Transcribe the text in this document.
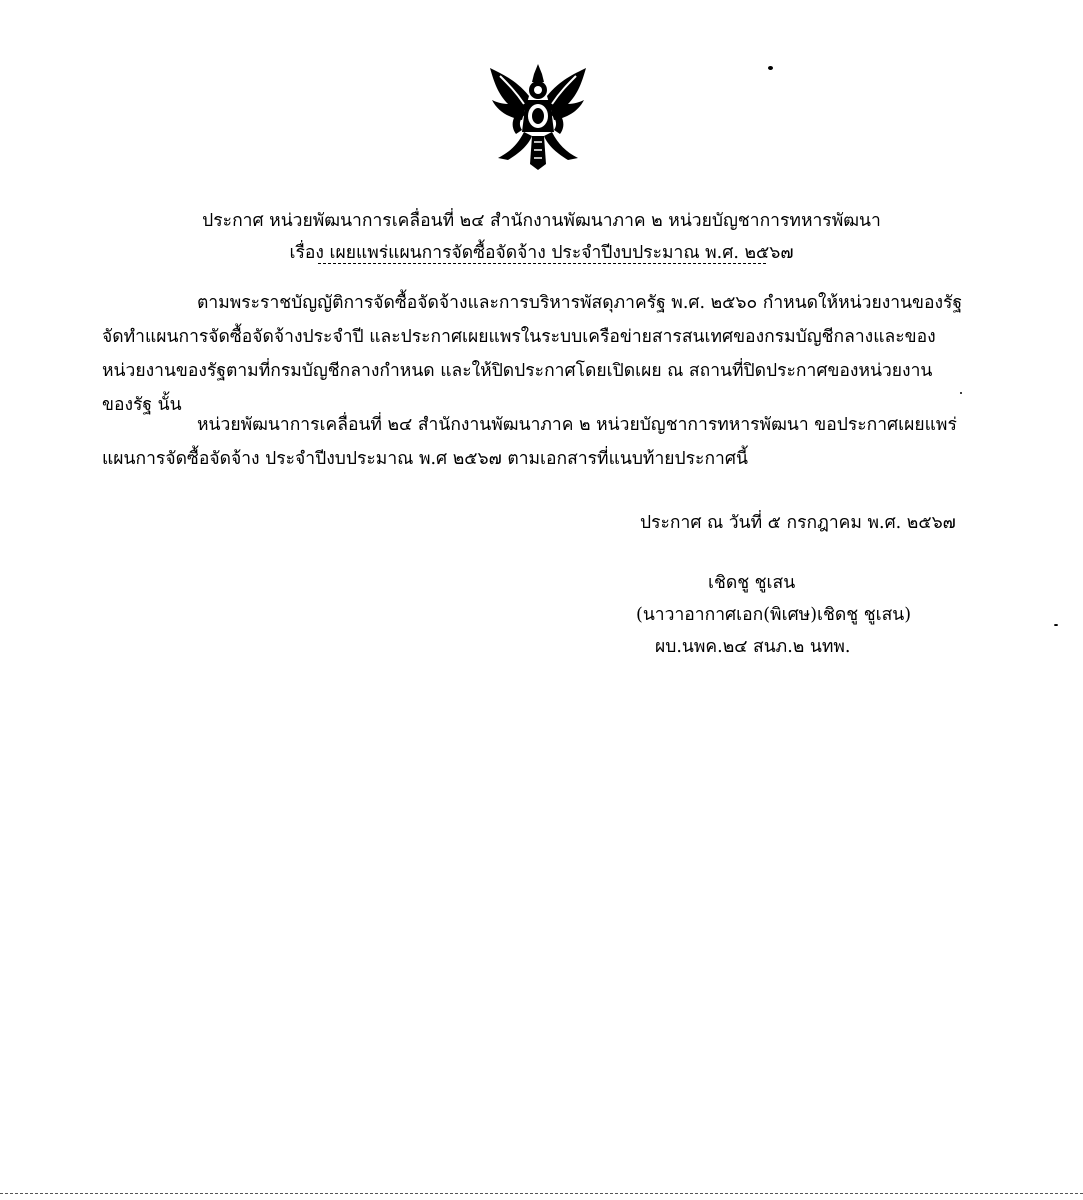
ประกาศ หน่วยพัฒนาการเคลื่อนที่ ๒๔ สำนักงานพัฒนาภาค ๒ หน่วยบัญชาการทหารพัฒนา
เรื่อง เผยแพร่แผนการจัดซื้อจัดจ้าง ประจำปีงบประมาณ พ.ศ. ๒๕๖๗
ตามพระราชบัญญัติการจัดซื้อจัดจ้างและการบริหารพัสดุภาครัฐ พ.ศ. ๒๕๖๐ กำหนดให้หน่วยงานของรัฐ
จัดทำแผนการจัดซื้อจัดจ้างประจำปี และประกาศเผยแพรในระบบเครือข่ายสารสนเทศของกรมบัญชีกลางและของ
หน่วยงานของรัฐตามที่กรมบัญชีกลางกำหนด และให้ปิดประกาศโดยเปิดเผย ณ สถานที่ปิดประกาศของหน่วยงาน
ของรัฐ นั้น
หน่วยพัฒนาการเคลื่อนที่ ๒๔ สำนักงานพัฒนาภาค ๒ หน่วยบัญชาการทหารพัฒนา ขอประกาศเผยแพร่
แผนการจัดซื้อจัดจ้าง ประจำปีงบประมาณ พ.ศ ๒๕๖๗ ตามเอกสารที่แนบท้ายประกาศนี้
ประกาศ ณ วันที่ ๕ กรกฎาคม พ.ศ. ๒๕๖๗
เชิดชู ชูเสน
(นาวาอากาศเอก(พิเศษ)เชิดชู ชูเสน)
ผบ.นพค.๒๔ สนภ.๒ นทพ.
